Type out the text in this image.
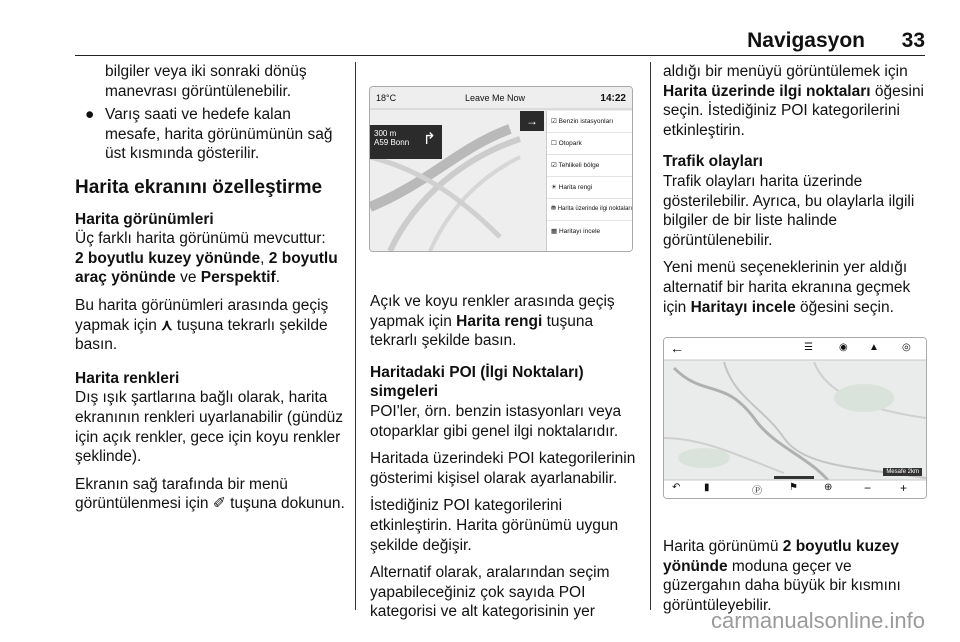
Navigasyon 33

bilgiler veya iki sonraki dönüş manevrası görüntülenebilir.

● Varış saati ve hedefe kalan mesafe, harita görünümünün sağ üst kısmında gösterilir.
Harita ekranını özelleştirme
Harita görünümleri

Üç farklı harita görünümü mevcuttur:
2 boyutlu kuzey yönünde, 2 boyutlu araç yönünde ve Perspektif.

Bu harita görünümleri arasında geçiş yapmak için ⋏ tuşuna tekrarlı şekilde basın.

Harita renkleri

Dış ışık şartlarına bağlı olarak, harita ekranının renkleri uyarlanabilir (gündüz için açık renkler, gece için koyu renkler şeklinde).

Ekranın sağ tarafında bir menü görüntülenmesi için ✐ tuşuna dokunun.

18°C	Leave Me Now	14:22
300 m
A59 Bonn ↱
→	☑ Benzin istasyonları
☐ Otopark
☑ Tehlikeli bölge
☀ Harita rengi
⛃ Harita üzerinde ilgi noktaları
▦ Haritayı incele

Açık ve koyu renkler arasında geçiş yapmak için Harita rengi tuşuna tekrarlı şekilde basın.

Haritadaki POI (İlgi Noktaları) simgeleri

POI'ler, örn. benzin istasyonları veya otoparklar gibi genel ilgi noktalarıdır.

Haritada üzerindeki POI kategorilerinin gösterimi kişisel olarak ayarlanabilir.

İstediğiniz POI kategorilerini etkinleştirin. Harita görünümü uygun şekilde değişir.

Alternatif olarak, aralarından seçim yapabileceğiniz çok sayıda POI kategorisi ve alt kategorisinin yer

aldığı bir menüyü görüntülemek için Harita üzerinde ilgi noktaları öğesini seçin. İstediğiniz POI kategorilerini etkinleştirin.

Trafik olayları

Trafik olayları harita üzerinde gösterilebilir. Ayrıca, bu olaylarla ilgili bilgiler de bir liste halinde görüntülenebilir.

Yeni menü seçeneklerinin yer aldığı alternatif bir harita ekranına geçmek için Haritayı incele öğesini seçin.

←	☰	◉ ▲ ◎
Mesafe 2km
↶ ▮	Ⓟ	⚑	⊕	− +

Harita görünümü 2 boyutlu kuzey yönünde moduna geçer ve güzergahın daha büyük bir kısmını görüntüleyebilir.

carmanualsonline.info
